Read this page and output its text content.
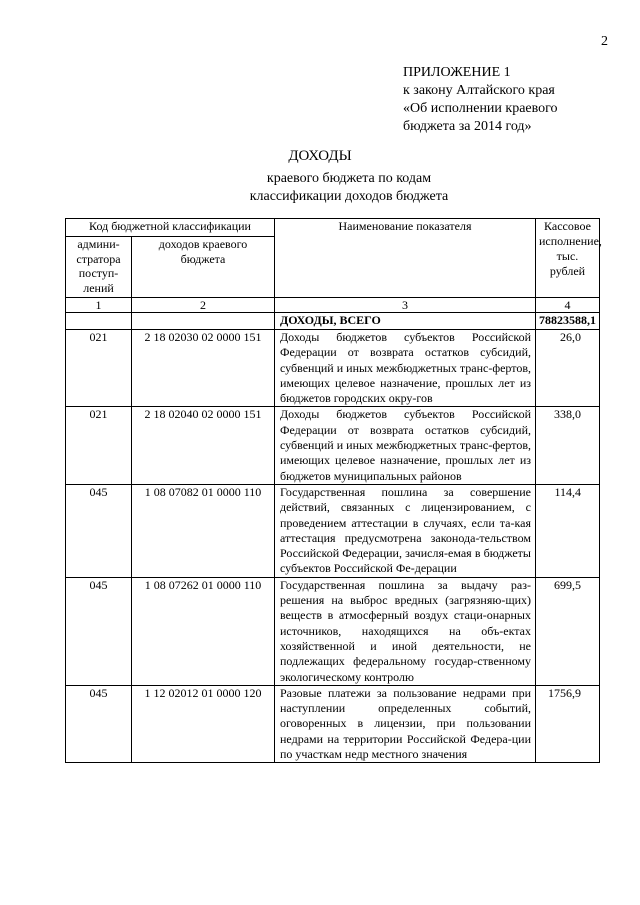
2
ПРИЛОЖЕНИЕ 1
к закону Алтайского края
«Об исполнении краевого
бюджета за 2014 год»
ДОХОДЫ
краевого бюджета по кодам
классификации доходов бюджета
Код бюджетной классификации		Наименование показателя	Кассовое исполнение, тыс. рублей
админи-стратора поступ-лений	доходов краевого бюджета		
1	2	3	4
		ДОХОДЫ, ВСЕГО	78823588,1
021	2 18 02030 02 0000 151	Доходы бюджетов субъектов Российской Федерации от возврата остатков субсидий, субвенций и иных межбюджетных транс-фертов, имеющих целевое назначение, прошлых лет из бюджетов городских окру-гов	26,0
021	2 18 02040 02 0000 151	Доходы бюджетов субъектов Российской Федерации от возврата остатков субсидий, субвенций и иных межбюджетных транс-фертов, имеющих целевое назначение, прошлых лет из бюджетов муниципальных районов	338,0
045	1 08 07082 01 0000 110	Государственная пошлина за совершение действий, связанных с лицензированием, с проведением аттестации в случаях, если та-кая аттестация предусмотрена законода-тельством Российской Федерации, зачисля-емая в бюджеты субъектов Российской Фе-дерации	114,4
045	1 08 07262 01 0000 110	Государственная пошлина за выдачу раз-решения на выброс вредных (загрязняю-щих) веществ в атмосферный воздух стаци-онарных источников, находящихся на объ-ектах хозяйственной и иной деятельности, не подлежащих федеральному государ-ственному экологическому контролю	699,5
045	1 12 02012 01 0000 120	Разовые платежи за пользование недрами при наступлении определенных событий, оговоренных в лицензии, при пользовании недрами на территории Российской Федера-ции по участкам недр местного значения	1756,9
